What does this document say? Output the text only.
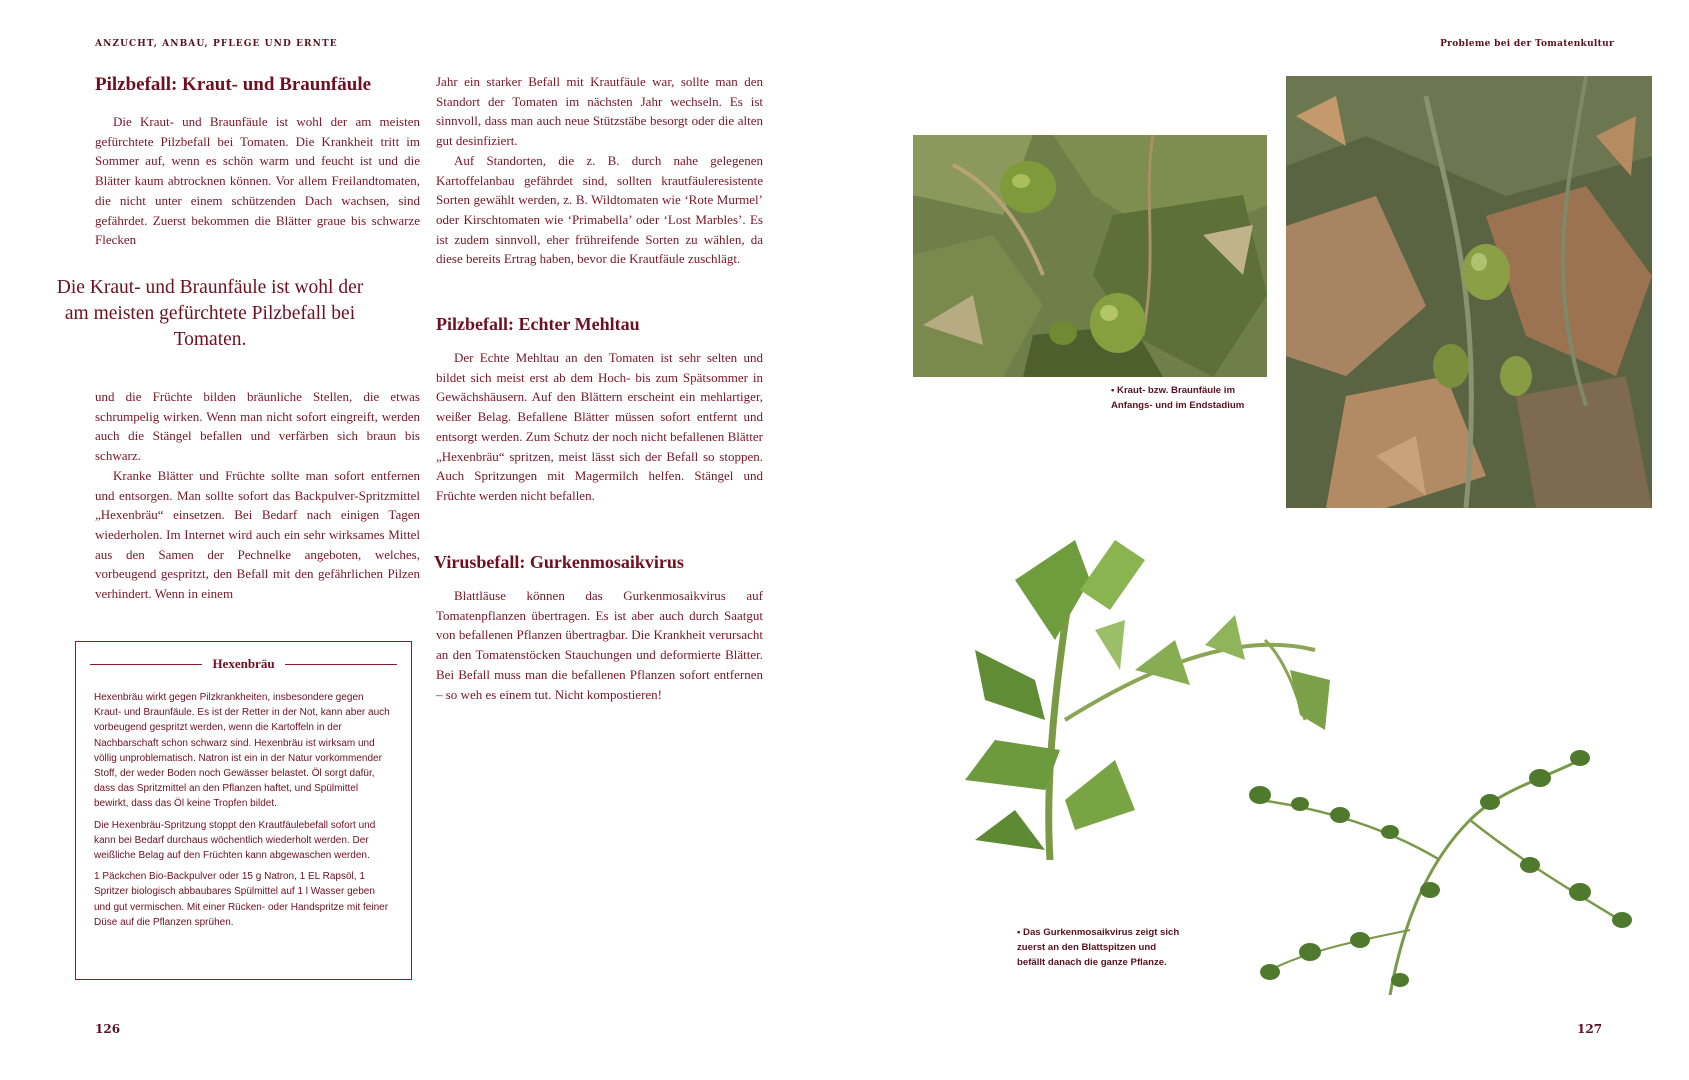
ANZUCHT, ANBAU, PFLEGE UND ERNTE
Pilzbefall: Kraut- und Braunfäule

Die Kraut- und Braunfäule ist wohl der am meisten gefürchtete Pilzbefall bei Tomaten. Die Krankheit tritt im Sommer auf, wenn es schön warm und feucht ist und die Blätter kaum abtrocknen können. Vor allem Freilandtomaten, die nicht unter einem schützenden Dach wachsen, sind gefährdet. Zuerst bekommen die Blätter graue bis schwarze Flecken

Die Kraut- und Braunfäule ist wohl der am meisten gefürchtete Pilzbefall bei Tomaten.

und die Früchte bilden bräunliche Stellen, die etwas schrumpelig wirken. Wenn man nicht sofort eingreift, werden auch die Stängel befallen und verfärben sich braun bis schwarz.

Kranke Blätter und Früchte sollte man sofort entfernen und entsorgen. Man sollte sofort das Backpulver-Spritzmittel „Hexenbräu“ einsetzen. Bei Bedarf nach einigen Tagen wiederholen. Im Internet wird auch ein sehr wirksames Mittel aus den Samen der Pechnelke angeboten, welches, vorbeugend gespritzt, den Befall mit den gefährlichen Pilzen verhindert. Wenn in einem

Jahr ein starker Befall mit Krautfäule war, sollte man den Standort der Tomaten im nächsten Jahr wechseln. Es ist sinnvoll, dass man auch neue Stützstäbe besorgt oder die alten gut desinfiziert.

Auf Standorten, die z. B. durch nahe gelegenen Kartoffelanbau gefährdet sind, sollten krautfäuleresistente Sorten gewählt werden, z. B. Wildtomaten wie ‘Rote Murmel’ oder Kirschtomaten wie ‘Primabella’ oder ‘Lost Marbles’. Es ist zudem sinnvoll, eher frühreifende Sorten zu wählen, da diese bereits Ertrag haben, bevor die Krautfäule zuschlägt.

Pilzbefall: Echter Mehltau

Der Echte Mehltau an den Tomaten ist sehr selten und bildet sich meist erst ab dem Hoch- bis zum Spätsommer in Gewächshäusern. Auf den Blättern erscheint ein mehlartiger, weißer Belag. Befallene Blätter müssen sofort entfernt und entsorgt werden. Zum Schutz der noch nicht befallenen Blätter „Hexenbräu“ spritzen, meist lässt sich der Befall so stoppen. Auch Spritzungen mit Magermilch helfen. Stängel und Früchte werden nicht befallen.

Virusbefall: Gurkenmosaikvirus

Blattläuse können das Gurkenmosaikvirus auf Tomatenpflanzen übertragen. Es ist aber auch durch Saatgut von befallenen Pflanzen übertragbar. Die Krankheit verursacht an den Tomatenstöcken Stauchungen und deformierte Blätter. Bei Befall muss man die befallenen Pflanzen sofort entfernen – so weh es einem tut. Nicht kompostieren!

Hexenbräu

Hexenbräu wirkt gegen Pilzkrankheiten, insbesondere gegen Kraut- und Braunfäule. Es ist der Retter in der Not, kann aber auch vorbeugend gespritzt werden, wenn die Kartoffeln in der Nachbarschaft schon schwarz sind. Hexenbräu ist wirksam und völlig unproblematisch. Natron ist ein in der Natur vorkommender Stoff, der weder Boden noch Gewässer belastet. Öl sorgt dafür, dass das Spritzmittel an den Pflanzen haftet, und Spülmittel bewirkt, dass das Öl keine Tropfen bildet.

Die Hexenbräu-Spritzung stoppt den Krautfäulebefall sofort und kann bei Bedarf durchaus wöchentlich wiederholt werden. Der weißliche Belag auf den Früchten kann abgewaschen werden.

1 Päckchen Bio-Backpulver oder 15 g Natron, 1 EL Rapsöl, 1 Spritzer biologisch abbaubares Spülmittel auf 1 l Wasser geben und gut vermischen. Mit einer Rücken- oder Handspritze mit feiner Düse auf die Pflanzen sprühen.

126
Probleme bei der Tomatenkultur
• Kraut- bzw. Braunfäule im Anfangs- und im Endstadium
• Das Gurkenmosaikvirus zeigt sich zuerst an den Blattspitzen und befällt danach die ganze Pflanze.
127
